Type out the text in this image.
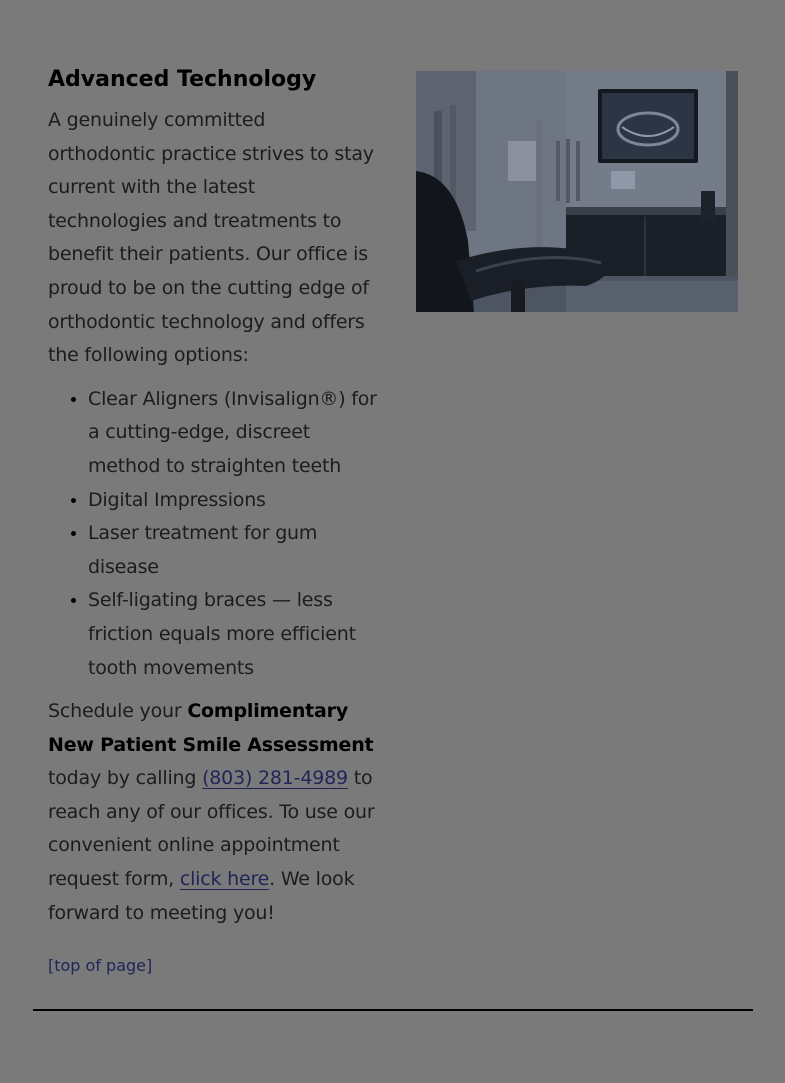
Advanced Technology

A genuinely committed orthodontic practice strives to stay current with the latest technologies and treatments to benefit their patients. Our office is proud to be on the cutting edge of orthodontic technology and offers the following options:

• Clear Aligners (Invisalign®) for a cutting-edge, discreet method to straighten teeth
• Digital Impressions
• Laser treatment for gum disease
• Self-ligating braces — less friction equals more efficient tooth movements

Schedule your Complimentary New Patient Smile Assessment today by calling (803) 281-4989 to reach any of our offices. To use our convenient online appointment request form, click here. We look forward to meeting you!

[top of page]
